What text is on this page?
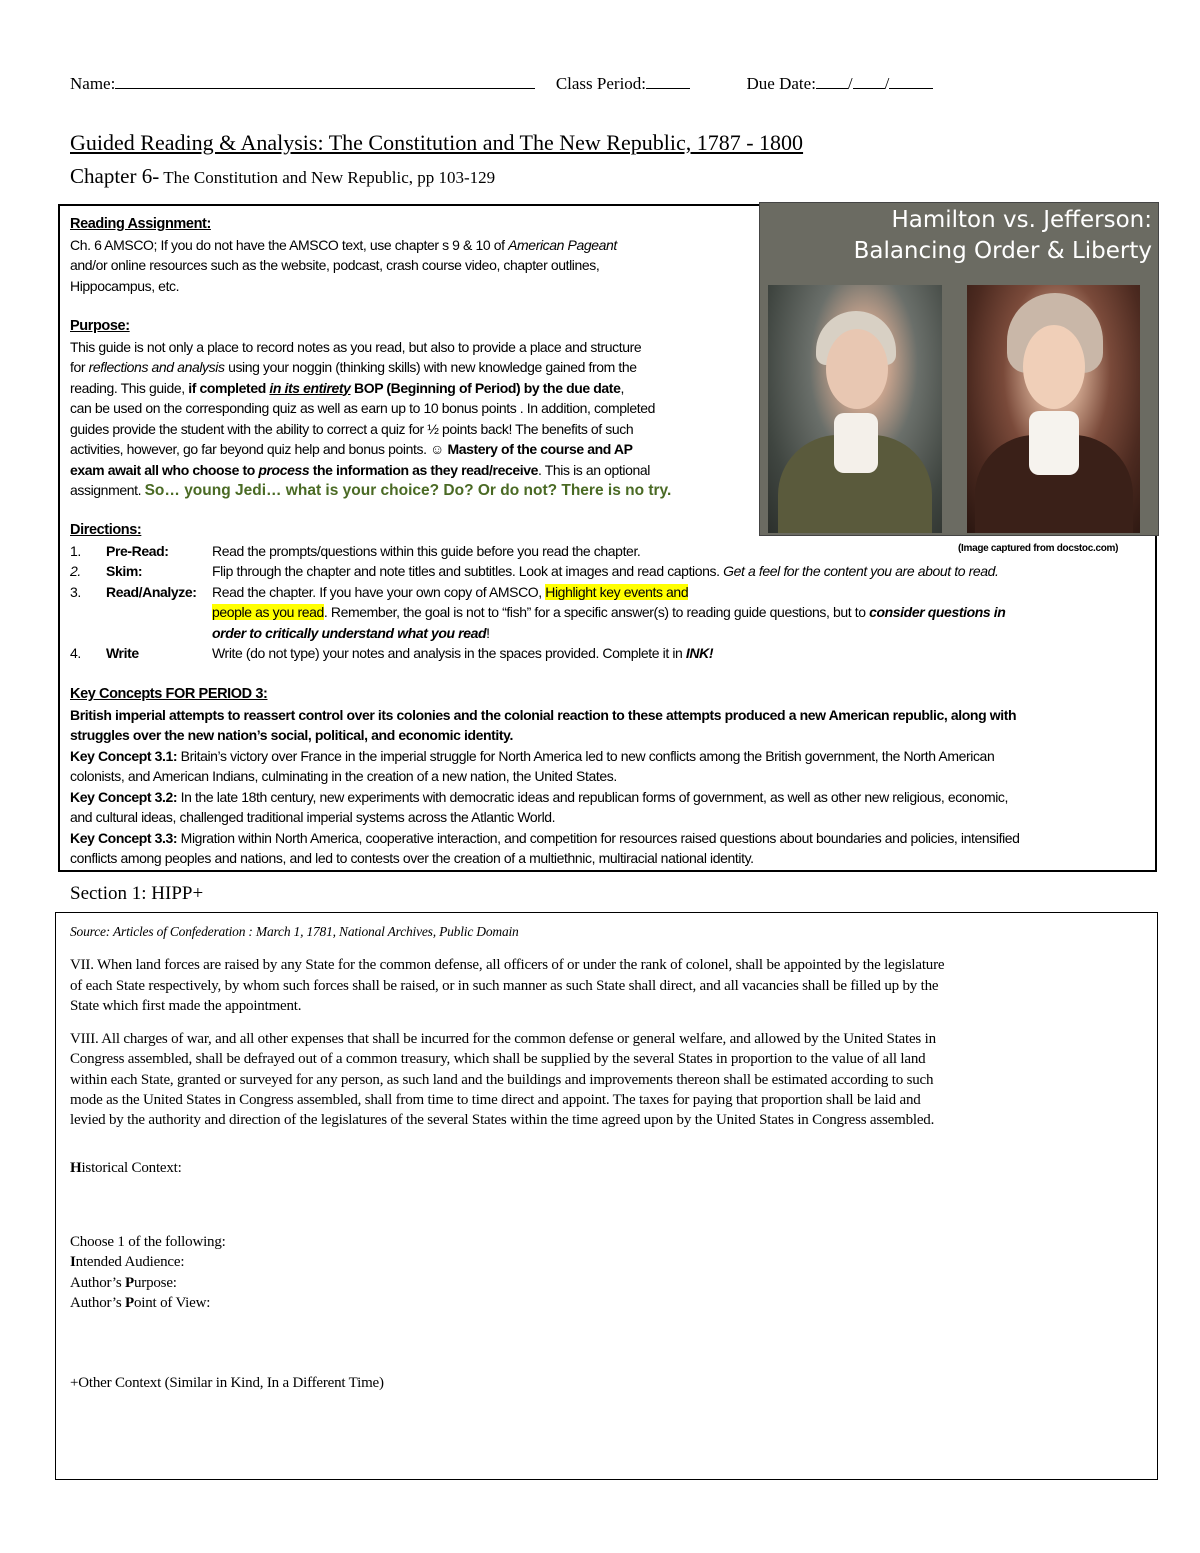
Name:	Class Period:	Due Date: / /
Guided Reading & Analysis: The Constitution and The New Republic, 1787 - 1800
Chapter 6- The Constitution and New Republic, pp 103-129
Hamilton vs. Jefferson:
Balancing Order & Liberty
(Image captured from docstoc.com)
Reading Assignment:
Ch. 6 AMSCO; If you do not have the AMSCO text, use chapter s 9 & 10 of American Pageant
and/or online resources such as the website, podcast, crash course video, chapter outlines,
Hippocampus, etc.
Purpose:
This guide is not only a place to record notes as you read, but also to provide a place and structure
for reflections and analysis using your noggin (thinking skills) with new knowledge gained from the
reading. This guide, if completed in its entirety BOP (Beginning of Period) by the due date,
can be used on the corresponding quiz as well as earn up to 10 bonus points . In addition, completed
guides provide the student with the ability to correct a quiz for ½ points back! The benefits of such
activities, however, go far beyond quiz help and bonus points. ☺ Mastery of the course and AP
exam await all who choose to process the information as they read/receive. This is an optional
assignment. So… young Jedi… what is your choice? Do? Or do not? There is no try.
Directions:
1. Pre-Read:	Read the prompts/questions within this guide before you read the chapter.
2. Skim:	Flip through the chapter and note titles and subtitles. Look at images and read captions. Get a feel for the content you are about to read.
3. Read/Analyze: Read the chapter. If you have your own copy of AMSCO, Highlight key events and
people as you read. Remember, the goal is not to “fish” for a specific answer(s) to reading guide questions, but to consider questions in
order to critically understand what you read!
4. Write	Write (do not type) your notes and analysis in the spaces provided. Complete it in INK!
Key Concepts FOR PERIOD 3:
British imperial attempts to reassert control over its colonies and the colonial reaction to these attempts produced a new American republic, along with
struggles over the new nation’s social, political, and economic identity.
Key Concept 3.1: Britain’s victory over France in the imperial struggle for North America led to new conflicts among the British government, the North American
colonists, and American Indians, culminating in the creation of a new nation, the United States.
Key Concept 3.2: In the late 18th century, new experiments with democratic ideas and republican forms of government, as well as other new religious, economic,
and cultural ideas, challenged traditional imperial systems across the Atlantic World.
Key Concept 3.3: Migration within North America, cooperative interaction, and competition for resources raised questions about boundaries and policies, intensified
conflicts among peoples and nations, and led to contests over the creation of a multiethnic, multiracial national identity.
Section 1: HIPP+

Source: Articles of Confederation : March 1, 1781, National Archives, Public Domain

VII. When land forces are raised by any State for the common defense, all officers of or under the rank of colonel, shall be appointed by the legislature

of each State respectively, by whom such forces shall be raised, or in such manner as such State shall direct, and all vacancies shall be filled up by the

State which first made the appointment.

VIII. All charges of war, and all other expenses that shall be incurred for the common defense or general welfare, and allowed by the United States in

Congress assembled, shall be defrayed out of a common treasury, which shall be supplied by the several States in proportion to the value of all land

within each State, granted or surveyed for any person, as such land and the buildings and improvements thereon shall be estimated according to such

mode as the United States in Congress assembled, shall from time to time direct and appoint. The taxes for paying that proportion shall be laid and

levied by the authority and direction of the legislatures of the several States within the time agreed upon by the United States in Congress assembled.

Historical Context:

Choose 1 of the following:

Intended Audience:

Author’s Purpose:

Author’s Point of View:

+Other Context (Similar in Kind, In a Different Time)
